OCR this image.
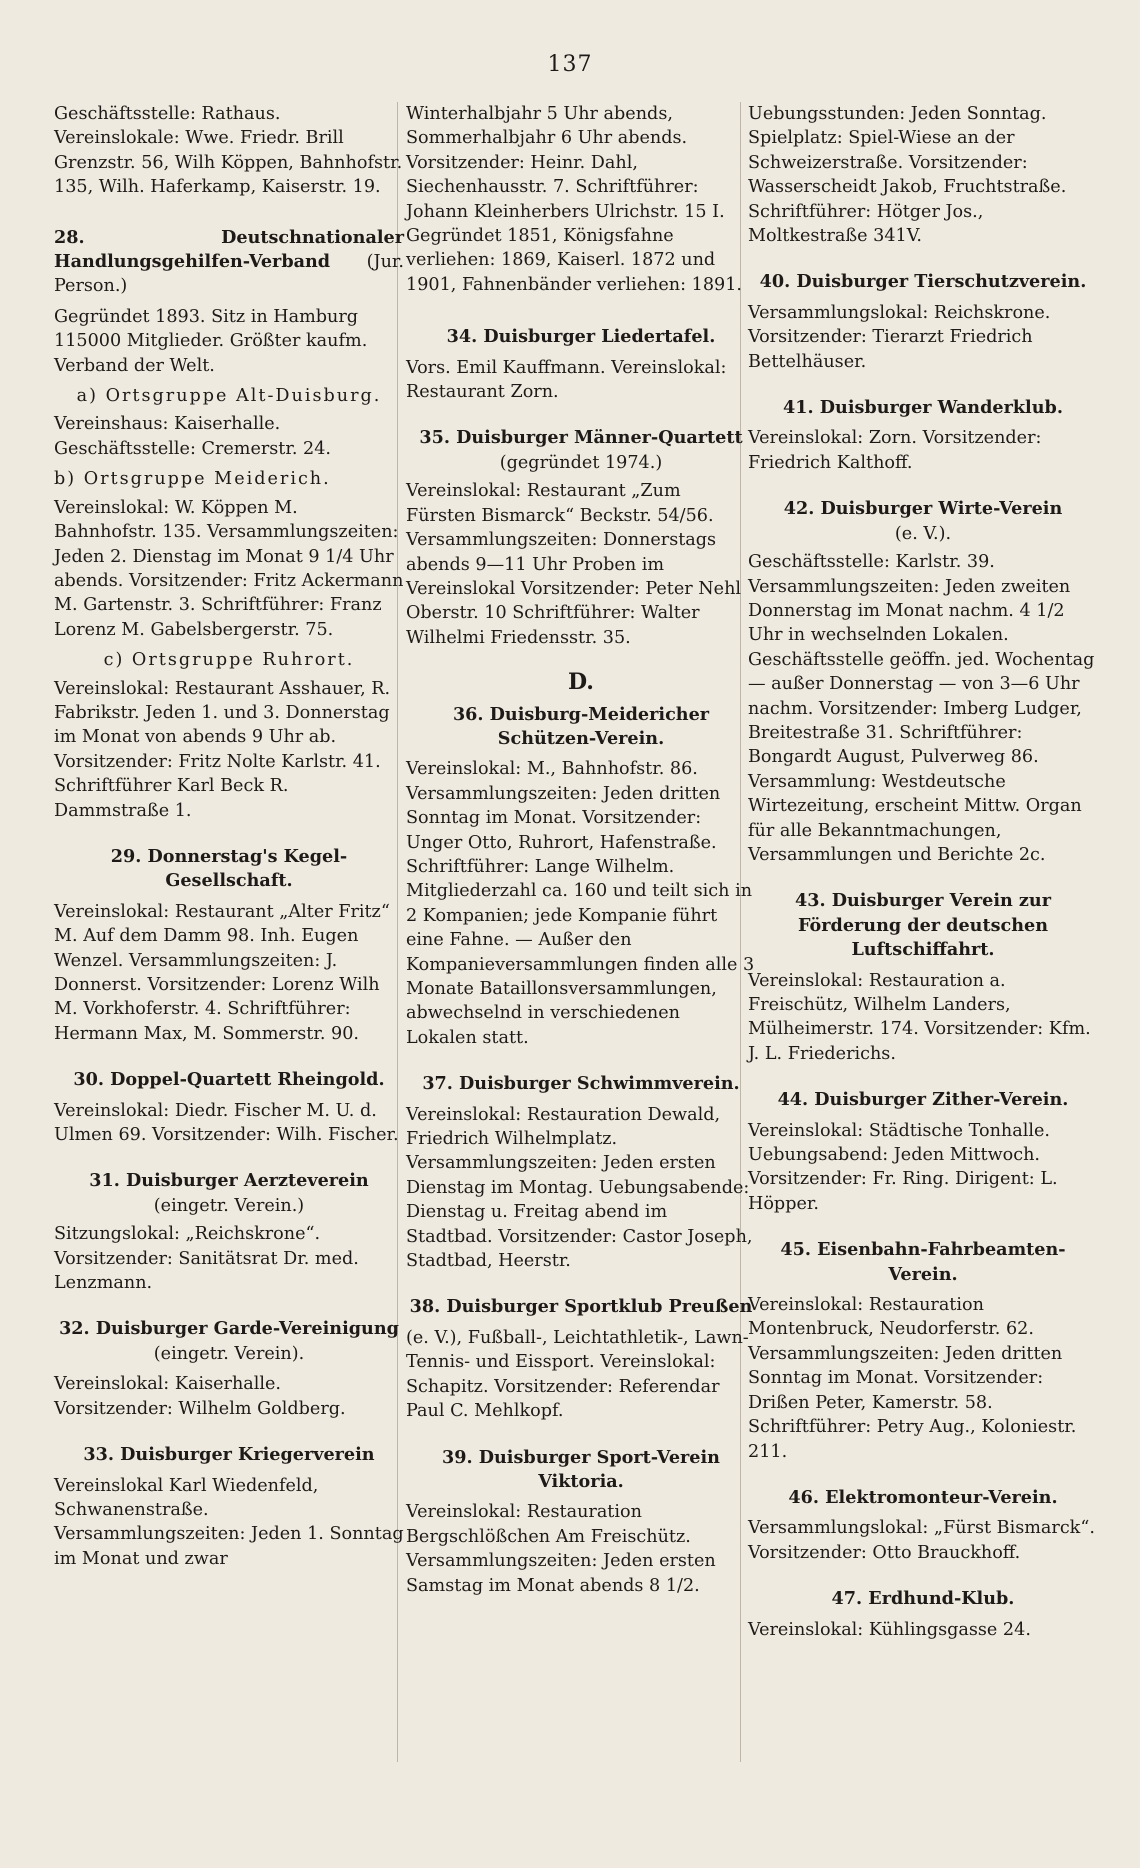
137

Geschäftsstelle: Rathaus. Vereinslokale: Wwe. Friedr. Brill Grenzstr. 56, Wilh Köppen, Bahnhofstr. 135, Wilh. Haferkamp, Kaiserstr. 19.

28. Deutschnationaler Handlungsgehilfen-Verband (Jur. Person.)

Gegründet 1893. Sitz in Hamburg 115000 Mitglieder. Größter kaufm. Verband der Welt.

a) Ortsgruppe Alt-Duisburg.

Vereinshaus: Kaiserhalle. Geschäftsstelle: Cremerstr. 24.

b) Ortsgruppe Meiderich.

Vereinslokal: W. Köppen M. Bahnhofstr. 135. Versammlungszeiten: Jeden 2. Dienstag im Monat 9 1/4 Uhr abends. Vorsitzender: Fritz Ackermann M. Gartenstr. 3. Schriftführer: Franz Lorenz M. Gabelsbergerstr. 75.

c) Ortsgruppe Ruhrort.

Vereinslokal: Restaurant Asshauer, R. Fabrikstr. Jeden 1. und 3. Donnerstag im Monat von abends 9 Uhr ab. Vorsitzender: Fritz Nolte Karlstr. 41. Schriftführer Karl Beck R. Dammstraße 1.

29. Donnerstag's Kegel-Gesellschaft.

Vereinslokal: Restaurant „Alter Fritz“ M. Auf dem Damm 98. Inh. Eugen Wenzel. Versammlungszeiten: J. Donnerst. Vorsitzender: Lorenz Wilh M. Vorkhoferstr. 4. Schriftführer: Hermann Max, M. Sommerstr. 90.

30. Doppel-Quartett Rheingold.

Vereinslokal: Diedr. Fischer M. U. d. Ulmen 69. Vorsitzender: Wilh. Fischer.

31. Duisburger Aerzteverein

(eingetr. Verein.)

Sitzungslokal: „Reichskrone“. Vorsitzender: Sanitätsrat Dr. med. Lenzmann.

32. Duisburger Garde-Vereinigung (eingetr. Verein).

Vereinslokal: Kaiserhalle. Vorsitzender: Wilhelm Goldberg.

33. Duisburger Kriegerverein

Vereinslokal Karl Wiedenfeld, Schwanenstraße. Versammlungszeiten: Jeden 1. Sonntag im Monat und zwar

Winterhalbjahr 5 Uhr abends, Sommerhalbjahr 6 Uhr abends. Vorsitzender: Heinr. Dahl, Siechenhausstr. 7. Schriftführer: Johann Kleinherbers Ulrichstr. 15 I. Gegründet 1851, Königsfahne verliehen: 1869, Kaiserl. 1872 und 1901, Fahnenbänder verliehen: 1891.

34. Duisburger Liedertafel.

Vors. Emil Kauffmann. Vereinslokal: Restaurant Zorn.

35. Duisburger Männer-Quartett

(gegründet 1974.)

Vereinslokal: Restaurant „Zum Fürsten Bismarck“ Beckstr. 54/56. Versammlungszeiten: Donnerstags abends 9—11 Uhr Proben im Vereinslokal Vorsitzender: Peter Nehl Oberstr. 10 Schriftführer: Walter Wilhelmi Friedensstr. 35.

D.

36. Duisburg-Meidericher Schützen-Verein.

Vereinslokal: M., Bahnhofstr. 86. Versammlungszeiten: Jeden dritten Sonntag im Monat. Vorsitzender: Unger Otto, Ruhrort, Hafenstraße. Schriftführer: Lange Wilhelm. Mitgliederzahl ca. 160 und teilt sich in 2 Kompanien; jede Kompanie führt eine Fahne. — Außer den Kompanieversammlungen finden alle 3 Monate Bataillonsversammlungen, abwechselnd in verschiedenen Lokalen statt.

37. Duisburger Schwimmverein.

Vereinslokal: Restauration Dewald, Friedrich Wilhelmplatz. Versammlungszeiten: Jeden ersten Dienstag im Montag. Uebungsabende: Dienstag u. Freitag abend im Stadtbad. Vorsitzender: Castor Joseph, Stadtbad, Heerstr.

38. Duisburger Sportklub Preußen

(e. V.), Fußball-, Leichtathletik-, Lawn-Tennis- und Eissport. Vereinslokal: Schapitz. Vorsitzender: Referendar Paul C. Mehlkopf.

39. Duisburger Sport-Verein Viktoria.

Vereinslokal: Restauration Bergschlößchen Am Freischütz. Versammlungszeiten: Jeden ersten Samstag im Monat abends 8 1/2.

Uebungsstunden: Jeden Sonntag. Spielplatz: Spiel-Wiese an der Schweizerstraße. Vorsitzender: Wasserscheidt Jakob, Fruchtstraße. Schriftführer: Hötger Jos., Moltkestraße 341V.

40. Duisburger Tierschutzverein.

Versammlungslokal: Reichskrone. Vorsitzender: Tierarzt Friedrich Bettelhäuser.

41. Duisburger Wanderklub.

Vereinslokal: Zorn. Vorsitzender: Friedrich Kalthoff.

42. Duisburger Wirte-Verein

(e. V.).

Geschäftsstelle: Karlstr. 39. Versammlungszeiten: Jeden zweiten Donnerstag im Monat nachm. 4 1/2 Uhr in wechselnden Lokalen. Geschäftsstelle geöffn. jed. Wochentag — außer Donnerstag — von 3—6 Uhr nachm. Vorsitzender: Imberg Ludger, Breitestraße 31. Schriftführer: Bongardt August, Pulverweg 86. Versammlung: Westdeutsche Wirtezeitung, erscheint Mittw. Organ für alle Bekanntmachungen, Versammlungen und Berichte 2c.

43. Duisburger Verein zur Förderung der deutschen Luftschiffahrt.

Vereinslokal: Restauration a. Freischütz, Wilhelm Landers, Mülheimerstr. 174. Vorsitzender: Kfm. J. L. Friederichs.

44. Duisburger Zither-Verein.

Vereinslokal: Städtische Tonhalle. Uebungsabend: Jeden Mittwoch. Vorsitzender: Fr. Ring. Dirigent: L. Höpper.

45. Eisenbahn-Fahrbeamten-Verein.

Vereinslokal: Restauration Montenbruck, Neudorferstr. 62. Versammlungszeiten: Jeden dritten Sonntag im Monat. Vorsitzender: Drißen Peter, Kamerstr. 58. Schriftführer: Petry Aug., Koloniestr. 211.

46. Elektromonteur-Verein.

Versammlungslokal: „Fürst Bismarck“. Vorsitzender: Otto Brauckhoff.

47. Erdhund-Klub.

Vereinslokal: Kühlingsgasse 24.
